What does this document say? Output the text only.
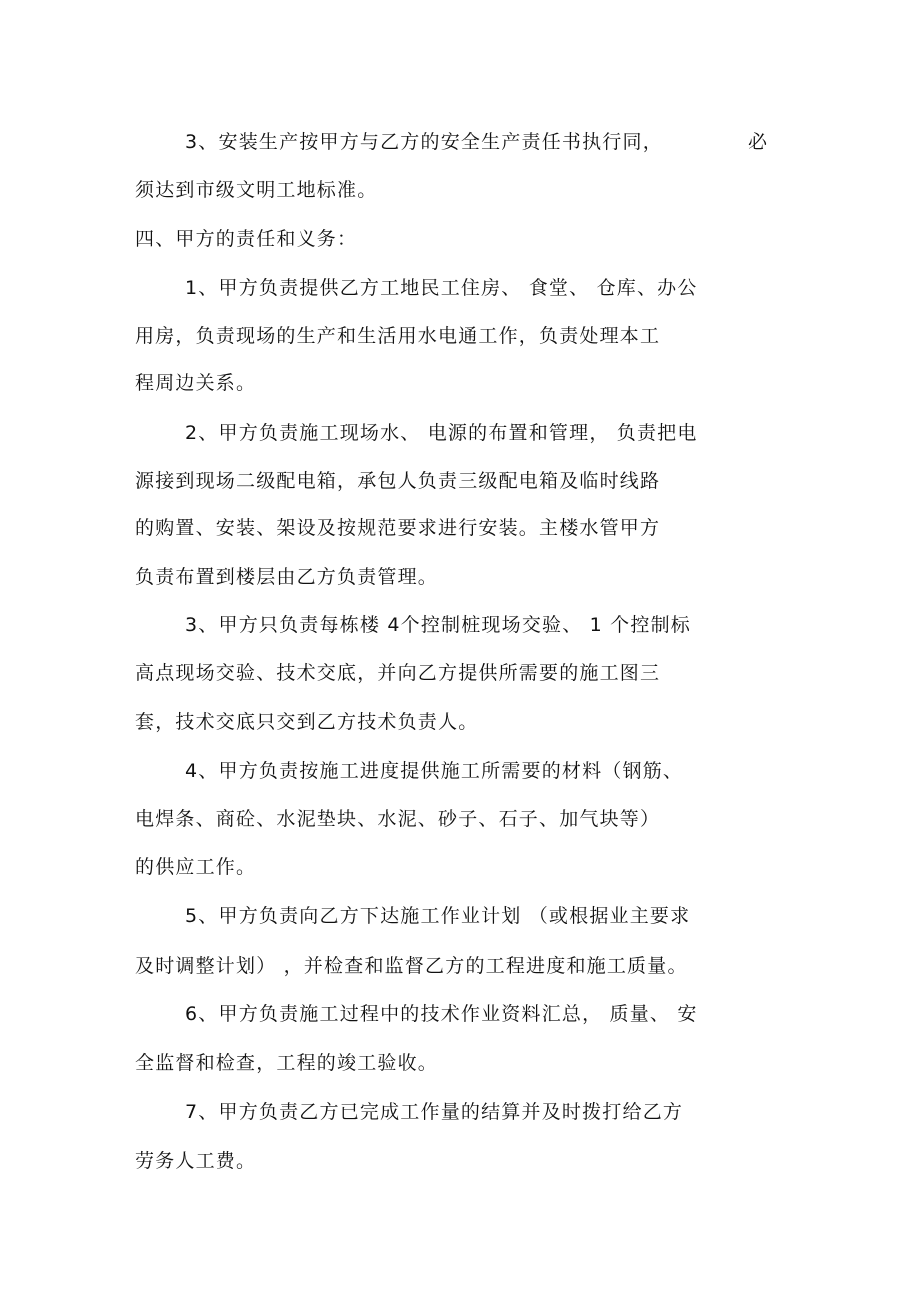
3、安装生产按甲方与乙方的安全生产责任书执行同，	必
须达到市级文明工地标准。
四、甲方的责任和义务：
1、甲方负责提供乙方工地民工住房、 食堂、 仓库、办公
用房，负责现场的生产和生活用水电通工作，负责处理本工
程周边关系。
2、甲方负责施工现场水、 电源的布置和管理， 负责把电
源接到现场二级配电箱，承包人负责三级配电箱及临时线路
的购置、安装、架设及按规范要求进行安装。主楼水管甲方
负责布置到楼层由乙方负责管理。
3、甲方只负责每栋楼 4个控制桩现场交验、 1 个控制标
高点现场交验、技术交底，并向乙方提供所需要的施工图三
套，技术交底只交到乙方技术负责人。
4、甲方负责按施工进度提供施工所需要的材料（钢筋、
电焊条、商砼、水泥垫块、水泥、砂子、石子、加气块等）
的供应工作。
5、甲方负责向乙方下达施工作业计划 （或根据业主要求
及时调整计划） ，并检查和监督乙方的工程进度和施工质量。
6、甲方负责施工过程中的技术作业资料汇总， 质量、 安
全监督和检查，工程的竣工验收。
7、甲方负责乙方已完成工作量的结算并及时拨打给乙方
劳务人工费。
